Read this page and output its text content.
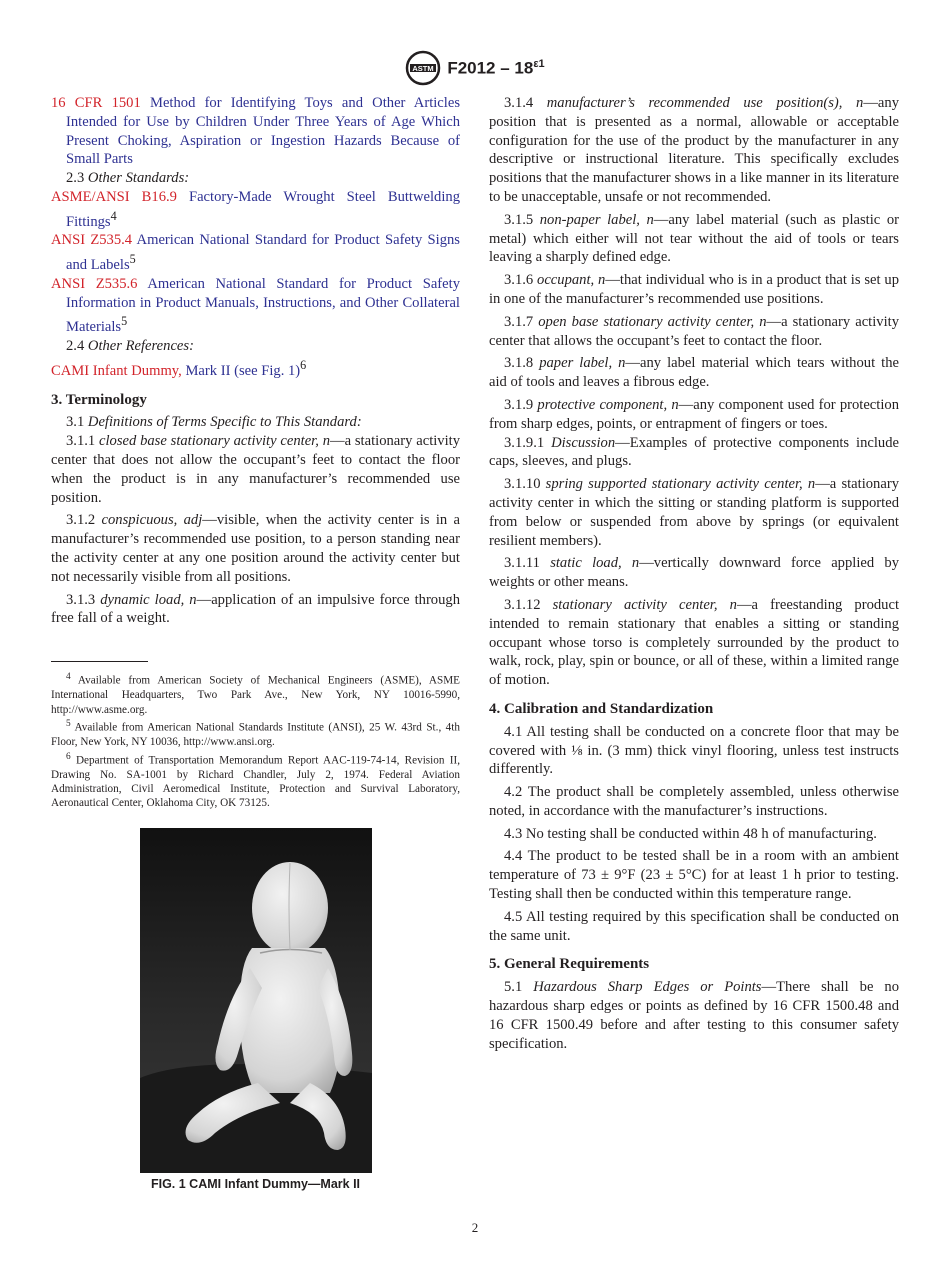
ASTM $F2012 - 18^{\varepsilon 1}$

16 CFR 1501 Method for Identifying Toys and Other Articles Intended for Use by Children Under Three Years of Age Which Present Choking, Aspiration or Ingestion Hazards Because of Small Parts

2.3 Other Standards:

ASME/ANSI B16.9 Factory-Made Wrought Steel Buttwelding Fittings$^4$

ANSI Z535.4 American National Standard for Product Safety Signs and Labels$^5$

ANSI Z535.6 American National Standard for Product Safety Information in Product Manuals, Instructions, and Other Collateral Materials$^5$

2.4 Other References:

CAMI Infant Dummy, Mark II (see Fig. 1)$^6$

3. Terminology

3.1 Definitions of Terms Specific to This Standard:

3.1.1 closed base stationary activity center, n—a stationary activity center that does not allow the occupant’s feet to contact the floor when the product is in any manufacturer’s recommended use position.

3.1.2 conspicuous, adj—visible, when the activity center is in a manufacturer’s recommended use position, to a person standing near the activity center at any one position around the activity center but not necessarily visible from all positions.

3.1.3 dynamic load, n—application of an impulsive force through free fall of a weight.

$^4$ Available from American Society of Mechanical Engineers (ASME), ASME International Headquarters, Two Park Ave., New York, NY 10016-5990, http://www.asme.org.

$^5$ Available from American National Standards Institute (ANSI), 25 W. 43rd St., 4th Floor, New York, NY 10036, http://www.ansi.org.

$^6$ Department of Transportation Memorandum Report AAC-119-74-14, Revision II, Drawing No. SA-1001 by Richard Chandler, July 2, 1974. Federal Aviation Administration, Civil Aeromedical Institute, Protection and Survival Laboratory, Aeronautical Center, Oklahoma City, OK 73125.

FIG. 1 CAMI Infant Dummy—Mark II

3.1.4 manufacturer’s recommended use position(s), n—any position that is presented as a normal, allowable or acceptable configuration for the use of the product by the manufacturer in any descriptive or instructional literature. This specifically excludes positions that the manufacturer shows in a like manner in its literature to be unacceptable, unsafe or not recommended.

3.1.5 non-paper label, n—any label material (such as plastic or metal) which either will not tear without the aid of tools or tears leaving a sharply defined edge.

3.1.6 occupant, n—that individual who is in a product that is set up in one of the manufacturer’s recommended use positions.

3.1.7 open base stationary activity center, n—a stationary activity center that allows the occupant’s feet to contact the floor.

3.1.8 paper label, n—any label material which tears without the aid of tools and leaves a fibrous edge.

3.1.9 protective component, n—any component used for protection from sharp edges, points, or entrapment of fingers or toes.

3.1.9.1 Discussion—Examples of protective components include caps, sleeves, and plugs.

3.1.10 spring supported stationary activity center, n—a stationary activity center in which the sitting or standing platform is supported from below or suspended from above by springs (or equivalent resilient members).

3.1.11 static load, n—vertically downward force applied by weights or other means.

3.1.12 stationary activity center, n—a freestanding product intended to remain stationary that enables a sitting or standing occupant whose torso is completely surrounded by the product to walk, rock, play, spin or bounce, or all of these, within a limited range of motion.

4. Calibration and Standardization

4.1 All testing shall be conducted on a concrete floor that may be covered with ⅛ in. (3 mm) thick vinyl flooring, unless test instructs differently.

4.2 The product shall be completely assembled, unless otherwise noted, in accordance with the manufacturer’s instructions.

4.3 No testing shall be conducted within 48 h of manufacturing.

4.4 The product to be tested shall be in a room with an ambient temperature of 73 ± 9°F (23 ± 5°C) for at least 1 h prior to testing. Testing shall then be conducted within this temperature range.

4.5 All testing required by this specification shall be conducted on the same unit.

5. General Requirements

5.1 Hazardous Sharp Edges or Points—There shall be no hazardous sharp edges or points as defined by 16 CFR 1500.48 and 16 CFR 1500.49 before and after testing to this consumer safety specification.

2
